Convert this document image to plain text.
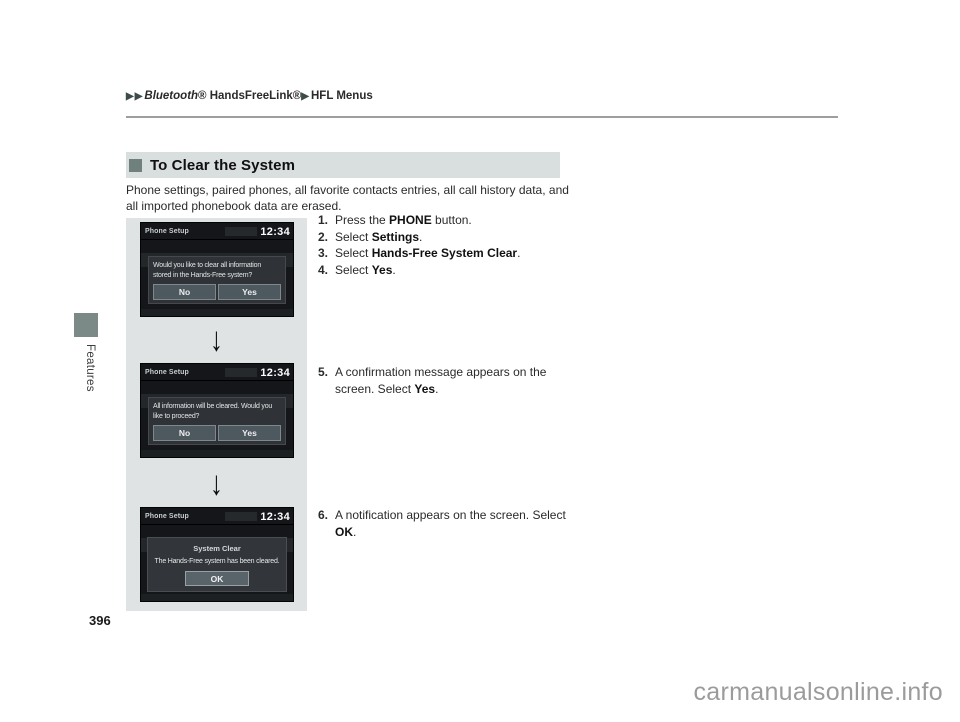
▶▶Bluetooth® HandsFreeLink®▶HFL Menus
To Clear the System
Phone settings, paired phones, all favorite contacts entries, all call history data, and
all imported phonebook data are erased.
Phone Setup	12:34
Would you like to clear all information
stored in the Hands-Free system?
No	Yes
↓
Phone Setup	12:34
All information will be cleared. Would you
like to proceed?
No	Yes
↓
Phone Setup	12:34
System Clear
The Hands-Free system has been cleared.
OK
1. Press the PHONE button.
2. Select Settings.
3. Select Hands-Free System Clear.
4. Select Yes.
5. A confirmation message appears on the
screen. Select Yes.
6. A notification appears on the screen. Select
OK.
Features
396
carmanualsonline.info
